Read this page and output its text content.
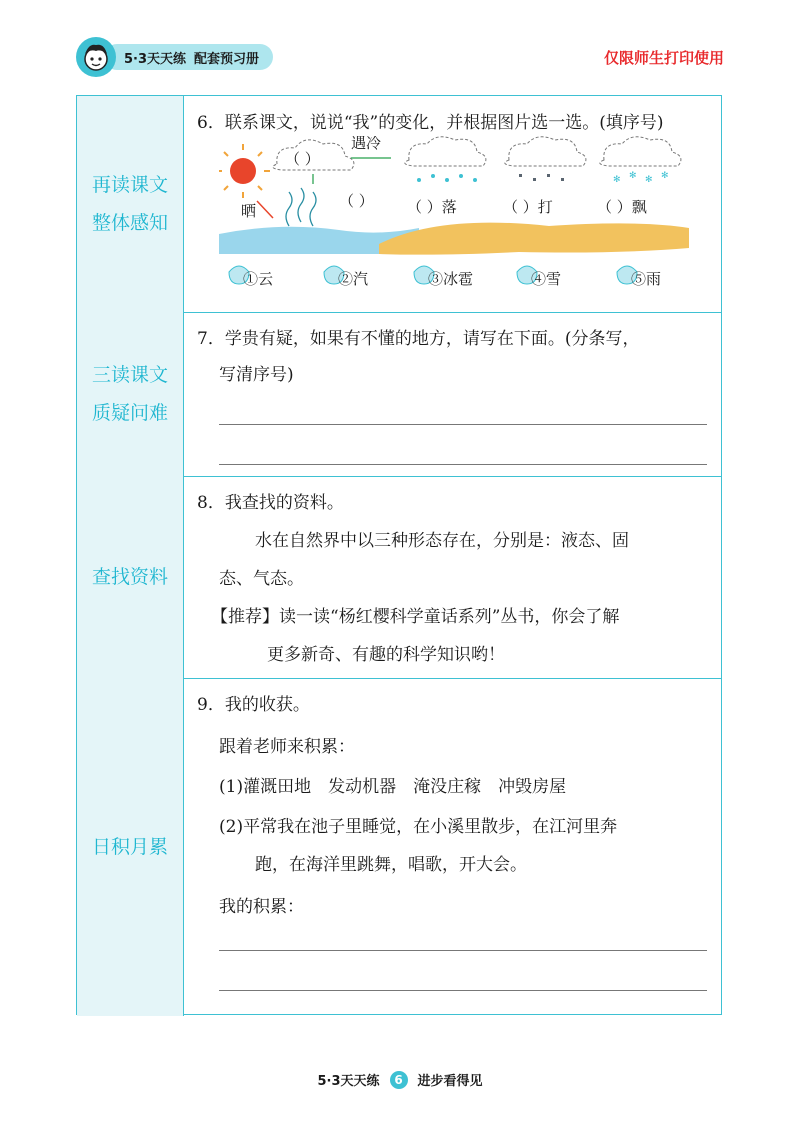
5·3天天练 配套预习册	仅限师生打印使用
再读课文
整体感知
6．联系课文，说说“我”的变化，并根据图片选一选。(填序号)
晒
（ ）
（ ）
遇冷
✻ ✻ ✻ ✻
（ ）落	（ ）打	（ ）飘
①云	②汽	③冰雹	④雪	⑤雨
三读课文
质疑问难
7．学贵有疑，如果有不懂的地方，请写在下面。(分条写，
写清序号)
查找资料
8．我查找的资料。
水在自然界中以三种形态存在，分别是：液态、固
态、气态。
【推荐】读一读“杨红樱科学童话系列”丛书，你会了解
更多新奇、有趣的科学知识哟！
日积月累
9．我的收获。
跟着老师来积累：
(1)灌溉田地　发动机器　淹没庄稼　冲毁房屋
(2)平常我在池子里睡觉，在小溪里散步，在江河里奔
跑，在海洋里跳舞，唱歌，开大会。
我的积累：
5·3天天练	6	进步看得见
